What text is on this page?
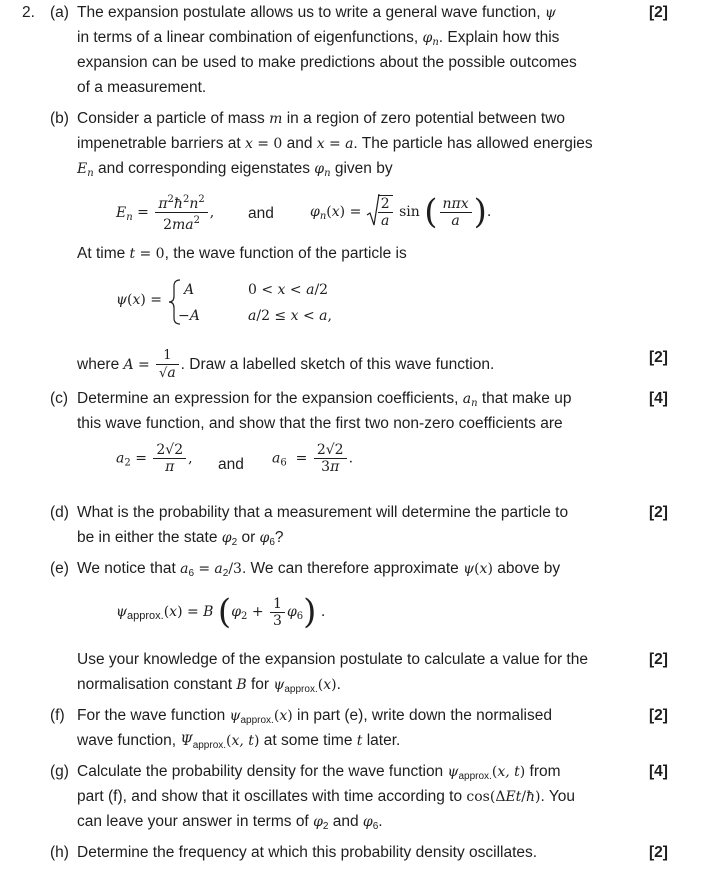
2. (a)	[2]
The expansion postulate allows us to write a general wave function, ψ
in terms of a linear combination of eigenfunctions, $\varphi_n$. Explain how this
expansion can be used to make predictions about the possible outcomes
of a measurement.
(b) Consider a particle of mass m in a region of zero potential between two
impenetrable barriers at x = 0 and x = a. The particle has allowed energies
$E_n$ and corresponding eigenstates $\varphi_n$ given by
$E_n = \frac{\pi^2ħ^2n^2}{2ma^2}$ , and	$\varphi_n(x) = \frac{2}{a}$ sin ( $\frac{\text{nπx}}{a}$ ).
At time t = 0, the wave function of the particle is
ψ(x) =
A	0 < x < a/2
−A	a/2 ≤ x < a,
where $A = \frac{1}{√a}$ . Draw a labelled sketch of this wave function.	[2]
(c)	[4]
Determine an expression for the expansion coefficients, $a_n$ that make up
this wave function, and show that the first two non-zero coefficients are
$a_2 = \frac{2√2}{\pi}$ , and $a_6 = \frac{2√2}{3\pi}$ .
(d)	[2]
What is the probability that a measurement will determine the particle to
be in either the state $\varphi_2$ or $\varphi_6$?
(e) We notice that $a_6 = a_2/3$. We can therefore approximate ψ(x) above by
$\psi_{approx.}(x) = B$ $(\varphi_2 + \frac{1}{3} \varphi_6)$ .
[2]
Use your knowledge of the expansion postulate to calculate a value for the
normalisation constant B for $\psi_{approx.}(x)$.
(f)	[2]
For the wave function $\psi_{approx.}(x)$ in part (e), write down the normalised
wave function, $\Psi_{approx.}(x$, t) at some time t later.
(g)	[4]
Calculate the probability density for the wave function $\psi_{approx.}(x$, t) from
part (f), and show that it oscillates with time according to cos(ΔEt/ħ). You
can leave your answer in terms of $\varphi_2$ and $\varphi_6$.
(h)	[2]
Determine the frequency at which this probability density oscillates.
